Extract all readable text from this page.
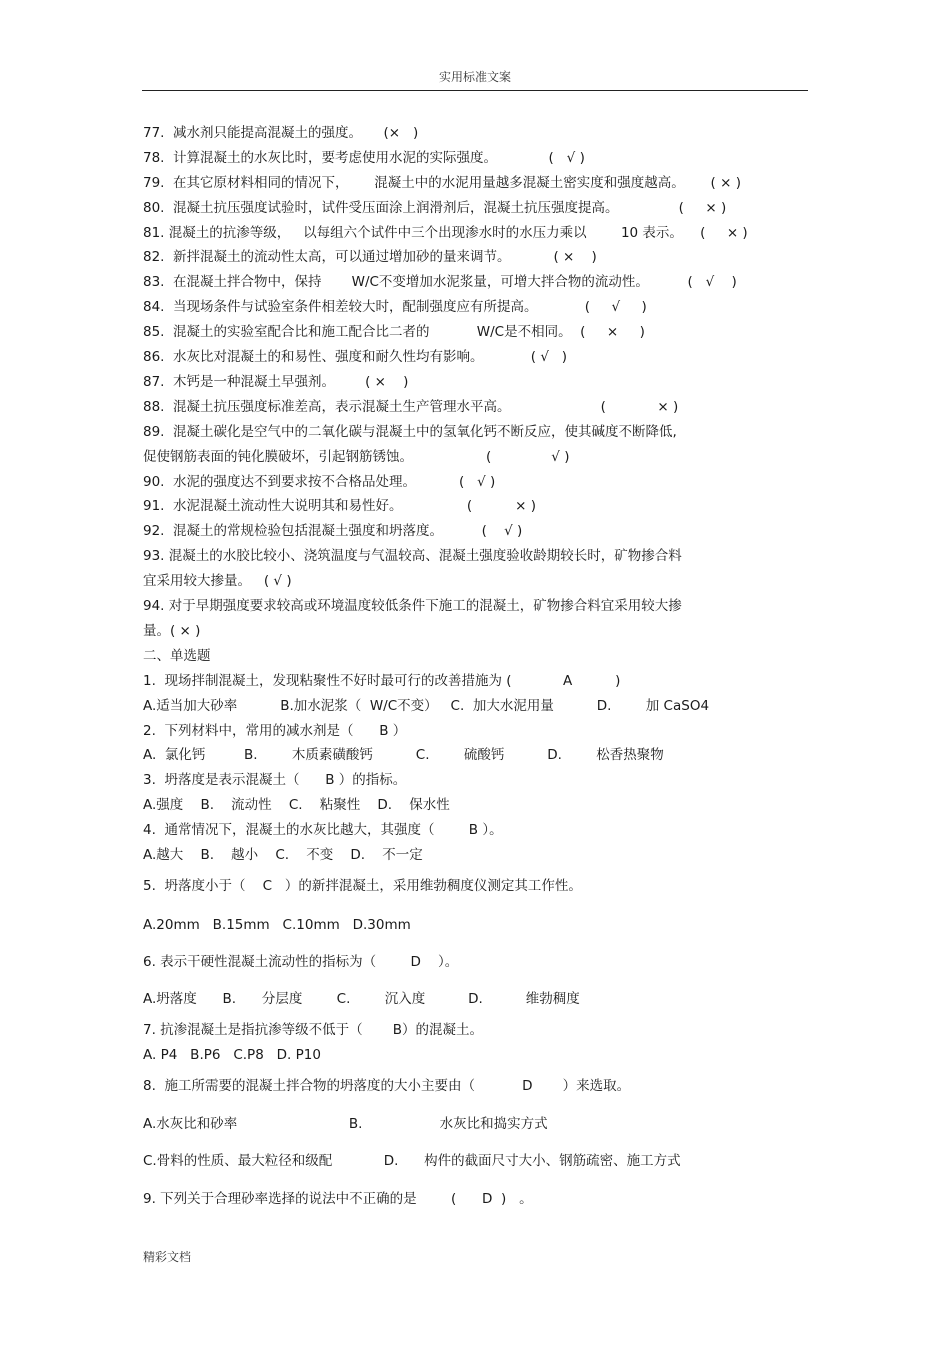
实用标准文案
77.  减水剂只能提高混凝土的强度。     (×   )
78.  计算混凝土的水灰比时，要考虑使用水泥的实际强度。            (   √ )
79.  在其它原材料相同的情况下，      混凝土中的水泥用量越多混凝土密实度和强度越高。      ( × )
80.  混凝土抗压强度试验时，试件受压面涂上润滑剂后，混凝土抗压强度提高。              (     × )
81. 混凝土的抗渗等级，   以每组六个试件中三个出现渗水时的水压力乘以        10 表示。    (     × )
82.  新拌混凝土的流动性太高，可以通过增加砂的量来调节。          ( ×    )
83.  在混凝土拌合物中，保持       W/C不变增加水泥浆量，可增大拌合物的流动性。         (   √    )
84.  当现场条件与试验室条件相差较大时，配制强度应有所提高。           (     √     )
85.  混凝土的实验室配合比和施工配合比二者的           W/C是不相同。  (     ×     )
86.  水灰比对混凝土的和易性、强度和耐久性均有影响。           ( √   )
87.  木钙是一种混凝土早强剂。       ( ×    )
88.  混凝土抗压强度标准差高，表示混凝土生产管理水平高。                     (            × )
89.  混凝土碳化是空气中的二氧化碳与混凝土中的氢氧化钙不断反应，使其碱度不断降低,
促使钢筋表面的钝化膜破坏，引起钢筋锈蚀。                 (              √ )
90.  水泥的强度达不到要求按不合格品处理。          (   √ )
91.  水泥混凝土流动性大说明其和易性好。               (          × )
92.  混凝土的常规检验包括混凝土强度和坍落度。         (    √ )
93. 混凝土的水胶比较小、浇筑温度与气温较高、混凝土强度验收龄期较长时，矿物掺合料
宜采用较大掺量。   ( √ )
94. 对于早期强度要求较高或环境温度较低条件下施工的混凝土，矿物掺合料宜采用较大掺
量。( × )
二、单选题
1.  现场拌制混凝土，发现粘聚性不好时最可行的改善措施为 (            A          )
A.适当加大砂率          B.加水泥浆（  W/C不变）   C.  加大水泥用量          D.        加 CaSO4
2.  下列材料中，常用的减水剂是（      B ）
A.  氯化钙         B.        木质素磺酸钙          C.        硫酸钙          D.        松香热聚物
3.  坍落度是表示混凝土（      B ）的指标。
A.强度    B.    流动性    C.    粘聚性    D.    保水性
4.  通常情况下，混凝土的水灰比越大，其强度（        B ）。
A.越大    B.    越小    C.    不变    D.    不一定
5.  坍落度小于（    C   ）的新拌混凝土，采用维勃稠度仪测定其工作性。
A.20mm   B.15mm   C.10mm   D.30mm
6. 表示干硬性混凝土流动性的指标为（        D    ）。
A.坍落度      B.      分层度        C.        沉入度          D.          维勃稠度
7. 抗渗混凝土是指抗渗等级不低于（       B）的混凝土。
A. P4   B.P6   C.P8   D. P10
8.  施工所需要的混凝土拌合物的坍落度的大小主要由（           D       ）来选取。
A.水灰比和砂率                          B.                  水灰比和捣实方式
C.骨料的性质、最大粒径和级配            D.      构件的截面尺寸大小、钢筋疏密、施工方式
9. 下列关于合理砂率选择的说法中不正确的是        (      D  )   。
精彩文档
